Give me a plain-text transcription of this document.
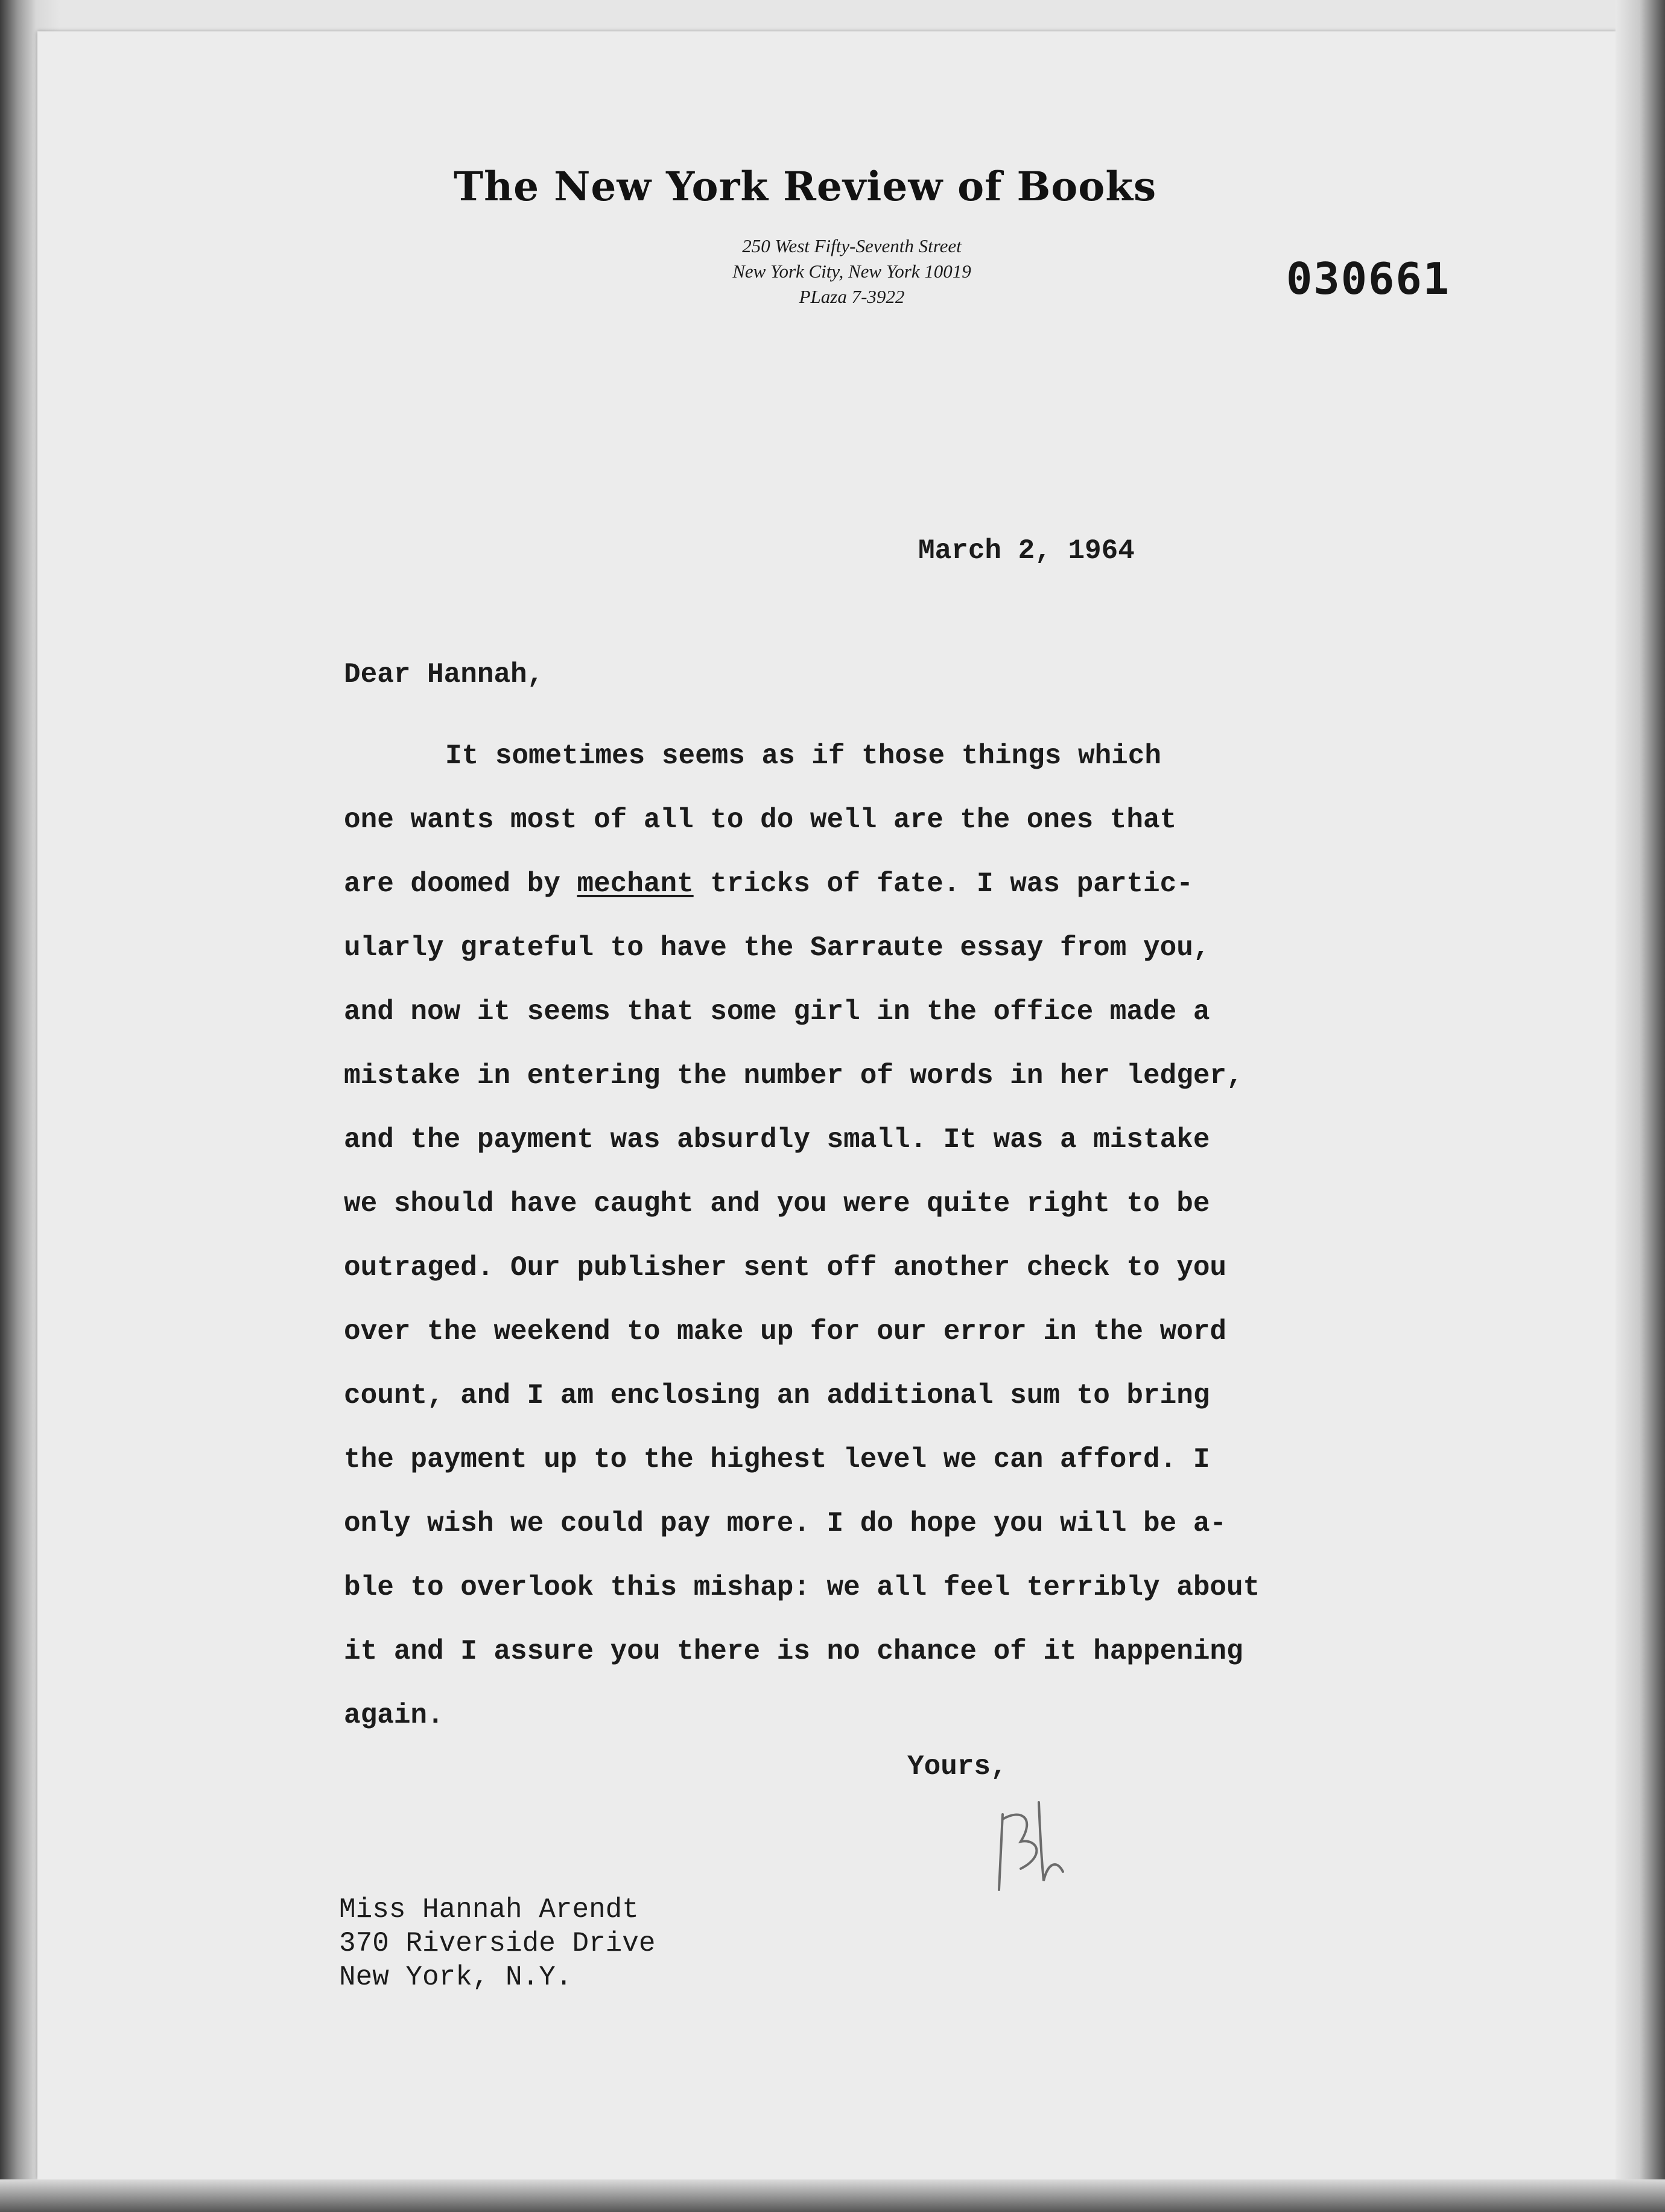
The New York Review of Books
250 West Fifty-Seventh Street
New York City, New York 10019
PLaza 7-3922	030661
March 2, 1964
Dear Hannah,
It sometimes seems as if those things which
one wants most of all to do well are the ones that
are doomed by mechant tricks of fate. I was partic-
ularly grateful to have the Sarraute essay from you,
and now it seems that some girl in the office made a
mistake in entering the number of words in her ledger,
and the payment was absurdly small. It was a mistake
we should have caught and you were quite right to be
outraged. Our publisher sent off another check to you
over the weekend to make up for our error in the word
count, and I am enclosing an additional sum to bring
the payment up to the highest level we can afford. I
only wish we could pay more. I do hope you will be a-
ble to overlook this mishap: we all feel terribly about
it and I assure you there is no chance of it happening
again.
Yours,
Miss Hannah Arendt
370 Riverside Drive
New York, N.Y.
